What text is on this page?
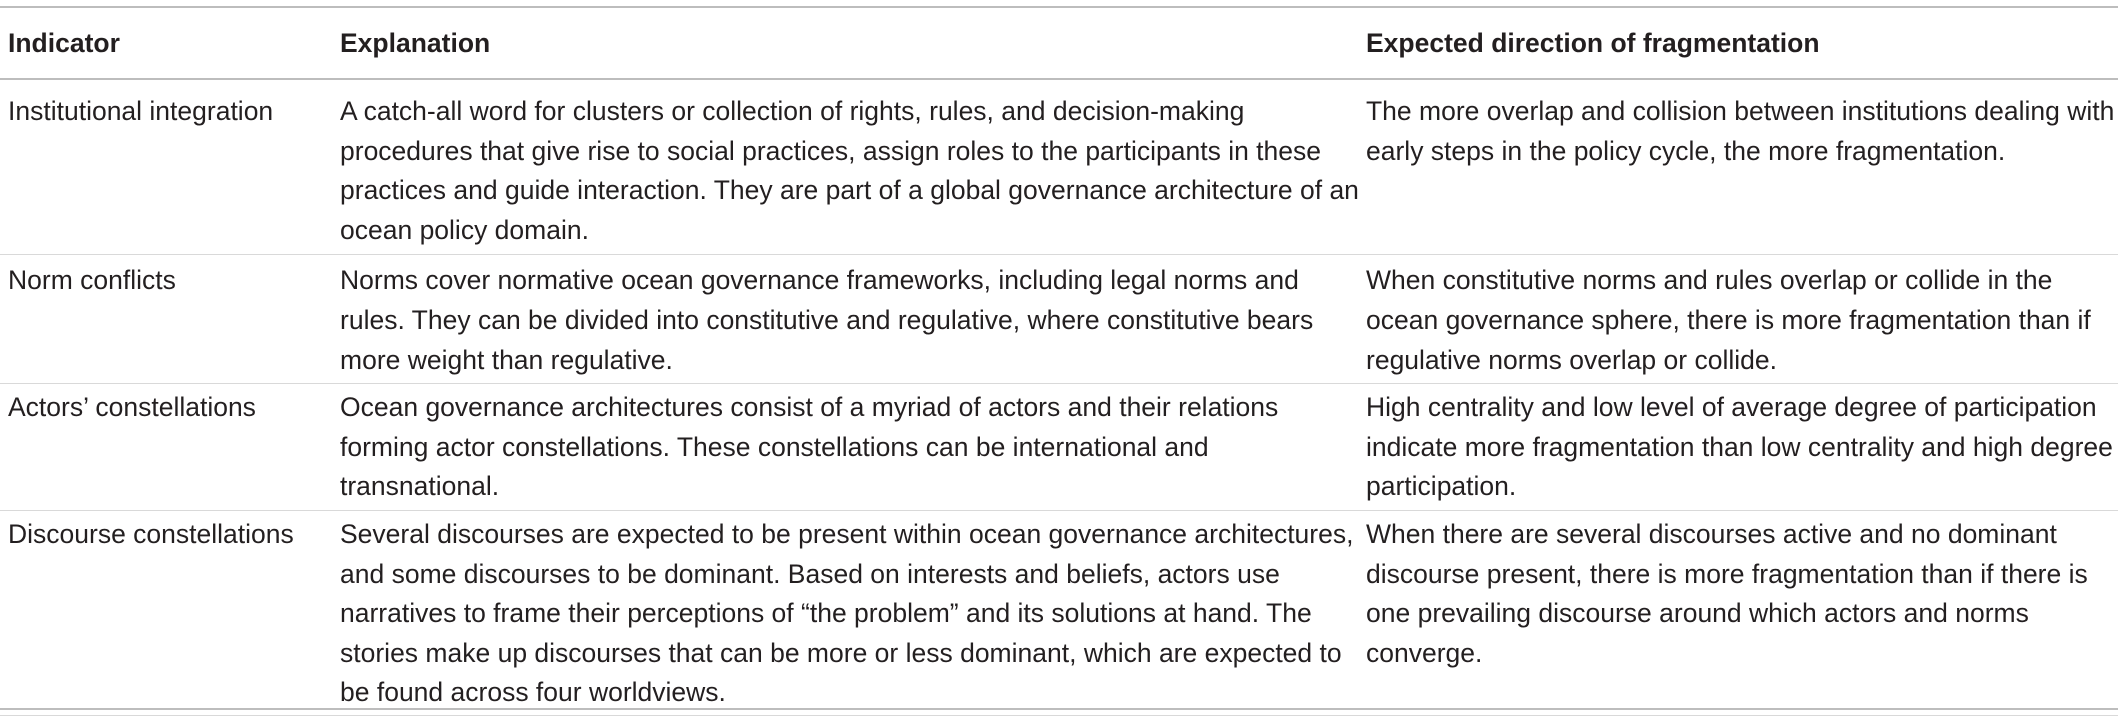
Indicator	Explanation	Expected direction of fragmentation
Institutional integration	A catch-all word for clusters or collection of rights, rules, and decision-making procedures that give rise to social practices, assign roles to the participants in these practices and guide interaction. They are part of a global governance architecture of an ocean policy domain.	The more overlap and collision between institutions dealing with early steps in the policy cycle, the more fragmentation.
Norm conflicts	Norms cover normative ocean governance frameworks, including legal norms and rules. They can be divided into constitutive and regulative, where constitutive bears more weight than regulative.	When constitutive norms and rules overlap or collide in the ocean governance sphere, there is more fragmentation than if regulative norms overlap or collide.
Actors’ constellations	Ocean governance architectures consist of a myriad of actors and their relations forming actor constellations. These constellations can be international and transnational.	High centrality and low level of average degree of participation indicate more fragmentation than low centrality and high degree participation.
Discourse constellations	Several discourses are expected to be present within ocean governance architectures, and some discourses to be dominant. Based on interests and beliefs, actors use narratives to frame their perceptions of “the problem” and its solutions at hand. The stories make up discourses that can be more or less dominant, which are expected to be found across four worldviews.	When there are several discourses active and no dominant discourse present, there is more fragmentation than if there is one prevailing discourse around which actors and norms converge.
